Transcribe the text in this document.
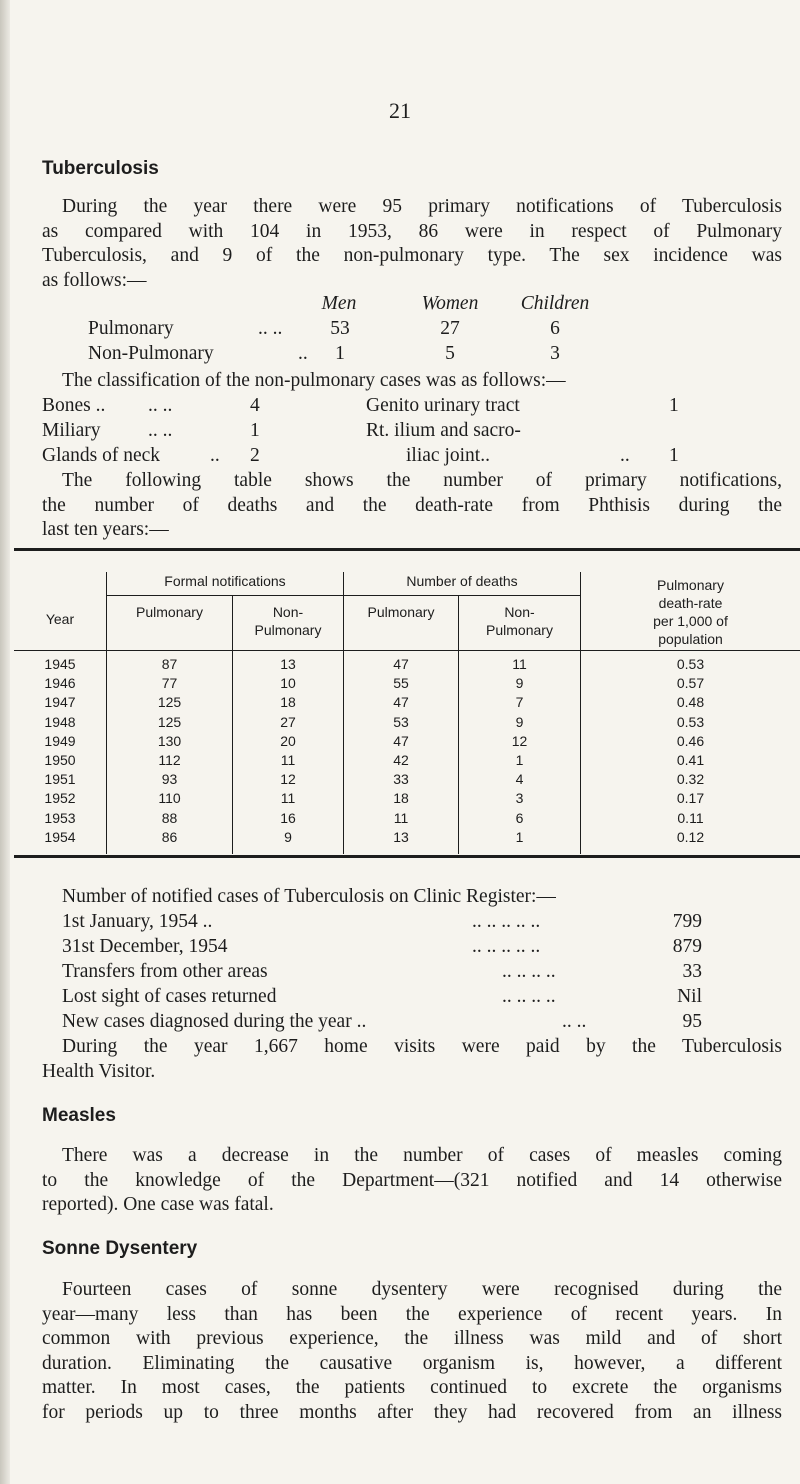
21
Tuberculosis
During the year there were 95 primary notifications of Tuberculosis
as compared with 104 in 1953, 86 were in respect of Pulmonary
Tuberculosis, and 9 of the non-pulmonary type. The sex incidence was
as follows:—
Men	Women	Children
Pulmonary	.. .. 53	27	6
Non-Pulmonary	..	1	5	3
The classification of the non-pulmonary cases was as follows:—
Bones .. .. ..	4	Genito urinary tract	1
Miliary .. ..	1	Rt. ilium and sacro-
Glands of neck	.. 2	iliac joint..	.. 1
The following table shows the number of primary notifications,
the number of deaths and the death-rate from Phthisis during the
last ten years:—
Formal notifications	Number of deaths	Pulmonary
death-rate
per 1,000 of
population
Year	Pulmonary	Non-
Pulmonary
Pulmonary	Non-
Pulmonary
1945	87	13	47	11	0.53
1946	77	10	55	9	0.57
1947	125	18	47	7	0.48
1948	125	27	53	9	0.53
1949	130	20	47	12	0.46
1950	112	11	42	1	0.41
1951	93	12	33	4	0.32
1952	110	11	18	3	0.17
1953	88	16	11	6	0.11
1954	86	9	13	1	0.12
Number of notified cases of Tuberculosis on Clinic Register:—
1st January, 1954 ..	.. .. .. .. ..	799
31st December, 1954	.. .. .. .. ..	879
Transfers from other areas	.. .. .. ..	33
Lost sight of cases returned	.. .. .. ..	Nil
New cases diagnosed during the year ..	.. ..	95
During the year 1,667 home visits were paid by the Tuberculosis
Health Visitor.
Measles
There was a decrease in the number of cases of measles coming
to the knowledge of the Department—(321 notified and 14 otherwise
reported). One case was fatal.
Sonne Dysentery
Fourteen cases of sonne dysentery were recognised during the
year—many less than has been the experience of recent years. In
common with previous experience, the illness was mild and of short
duration. Eliminating the causative organism is, however, a different
matter. In most cases, the patients continued to excrete the organisms
for periods up to three months after they had recovered from an illness
